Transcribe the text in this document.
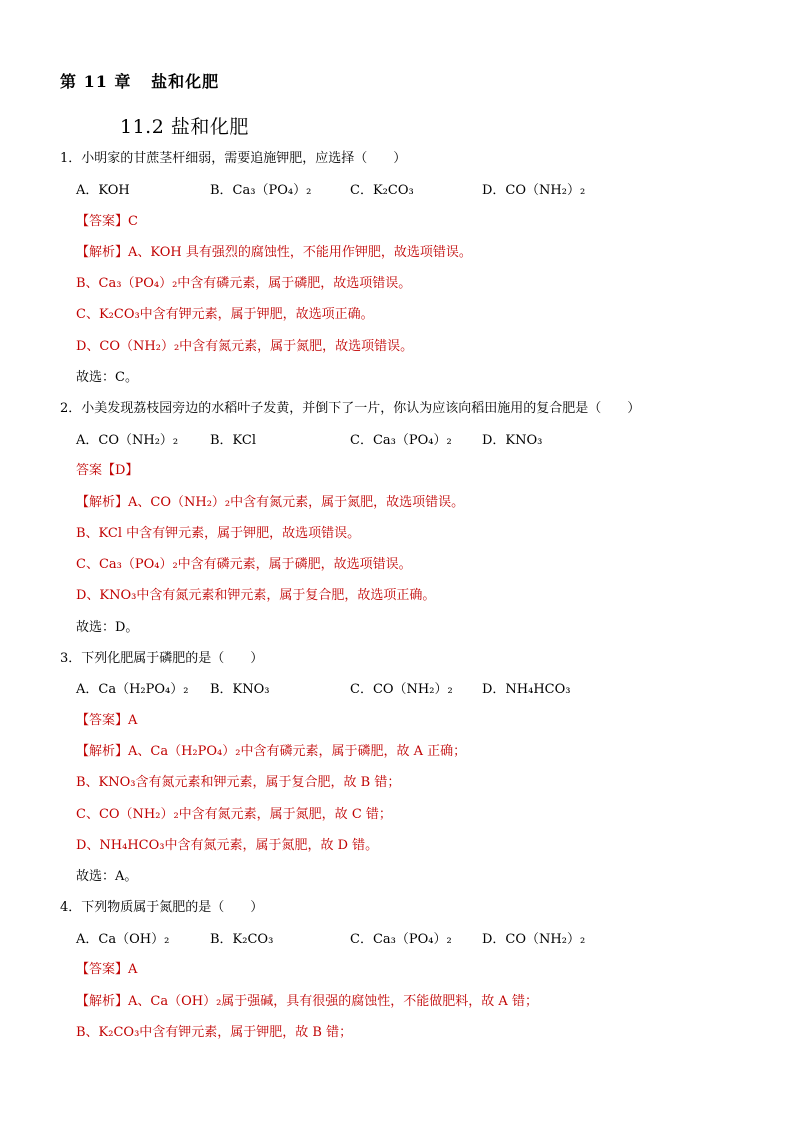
第 11 章   盐和化肥
11.2 盐和化肥
1．小明家的甘蔗茎杆细弱，需要追施钾肥，应选择（　　）
A．KOH	B．Ca₃（PO₄）₂	C．K₂CO₃	D．CO（NH₂）₂
【答案】C
【解析】A、KOH 具有强烈的腐蚀性，不能用作钾肥，故选项错误。
B、Ca₃（PO₄）₂中含有磷元素，属于磷肥，故选项错误。
C、K₂CO₃中含有钾元素，属于钾肥，故选项正确。
D、CO（NH₂）₂中含有氮元素，属于氮肥，故选项错误。
故选：C。
2．小美发现荔枝园旁边的水稻叶子发黄，并倒下了一片，你认为应该向稻田施用的复合肥是（　　）
A．CO（NH₂）₂ B．KCl	C．Ca₃（PO₄）₂ D．KNO₃
答案【D】
【解析】A、CO（NH₂）₂中含有氮元素，属于氮肥，故选项错误。
B、KCl 中含有钾元素，属于钾肥，故选项错误。
C、Ca₃（PO₄）₂中含有磷元素，属于磷肥，故选项错误。
D、KNO₃中含有氮元素和钾元素，属于复合肥，故选项正确。
故选：D。
3．下列化肥属于磷肥的是（　　）
A．Ca（H₂PO₄）₂ B．KNO₃	C．CO（NH₂）₂ D．NH₄HCO₃
【答案】A
【解析】A、Ca（H₂PO₄）₂中含有磷元素，属于磷肥，故 A 正确；
B、KNO₃含有氮元素和钾元素，属于复合肥，故 B 错；
C、CO（NH₂）₂中含有氮元素，属于氮肥，故 C 错；
D、NH₄HCO₃中含有氮元素，属于氮肥，故 D 错。
故选：A。
4．下列物质属于氮肥的是（　　）
A．Ca（OH）₂	B．K₂CO₃	C．Ca₃（PO₄）₂ D．CO（NH₂）₂
【答案】A
【解析】A、Ca（OH）₂属于强碱，具有很强的腐蚀性，不能做肥料，故 A 错；
B、K₂CO₃中含有钾元素，属于钾肥，故 B 错；
